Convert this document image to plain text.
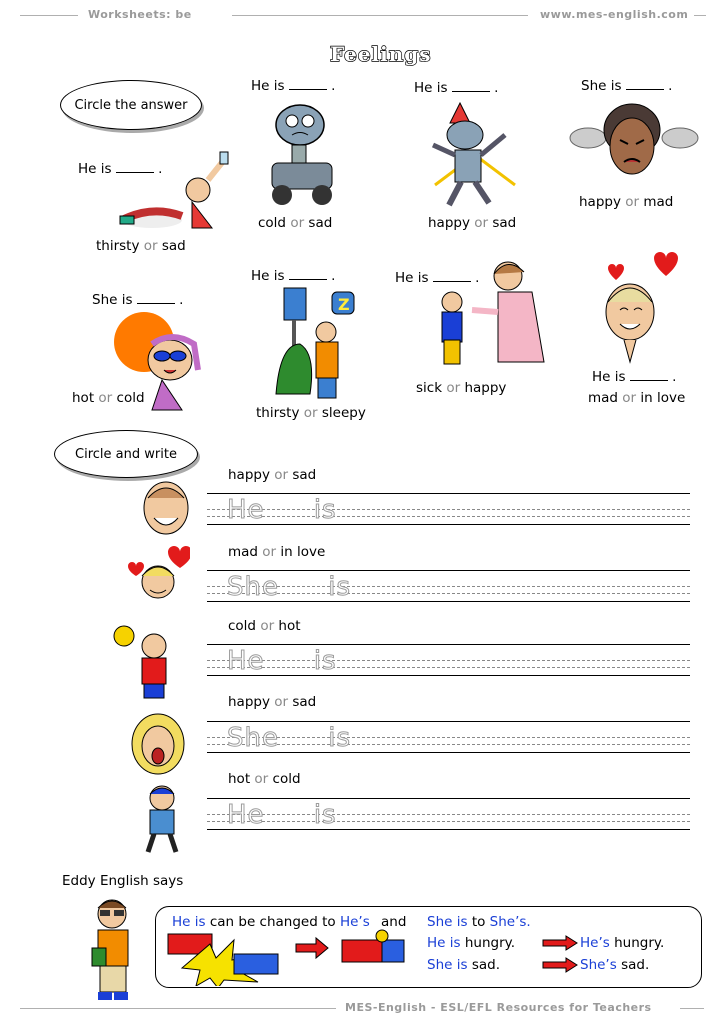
Worksheets: be	www.mes-english.com
Feelings
Circle the answer
He is	.
thirsty or sad
He is	.
cold or sad
He is	.
happy or sad
She is	.
happy or mad
She is	.
hot or cold
He is	.
Z
thirsty or sleepy
He is	.
sick or happy
He is	.
mad or in love
Circle and write
happy or sad
He is
mad or in love
She is
cold or hot
He is
happy or sad
She is
hot or cold
He is
Eddy English says
He is can be changed to He’s and She is to She’s.
He is hungry.	He’s hungry.
She is sad.	She’s sad.
MES-English - ESL/EFL Resources for Teachers
